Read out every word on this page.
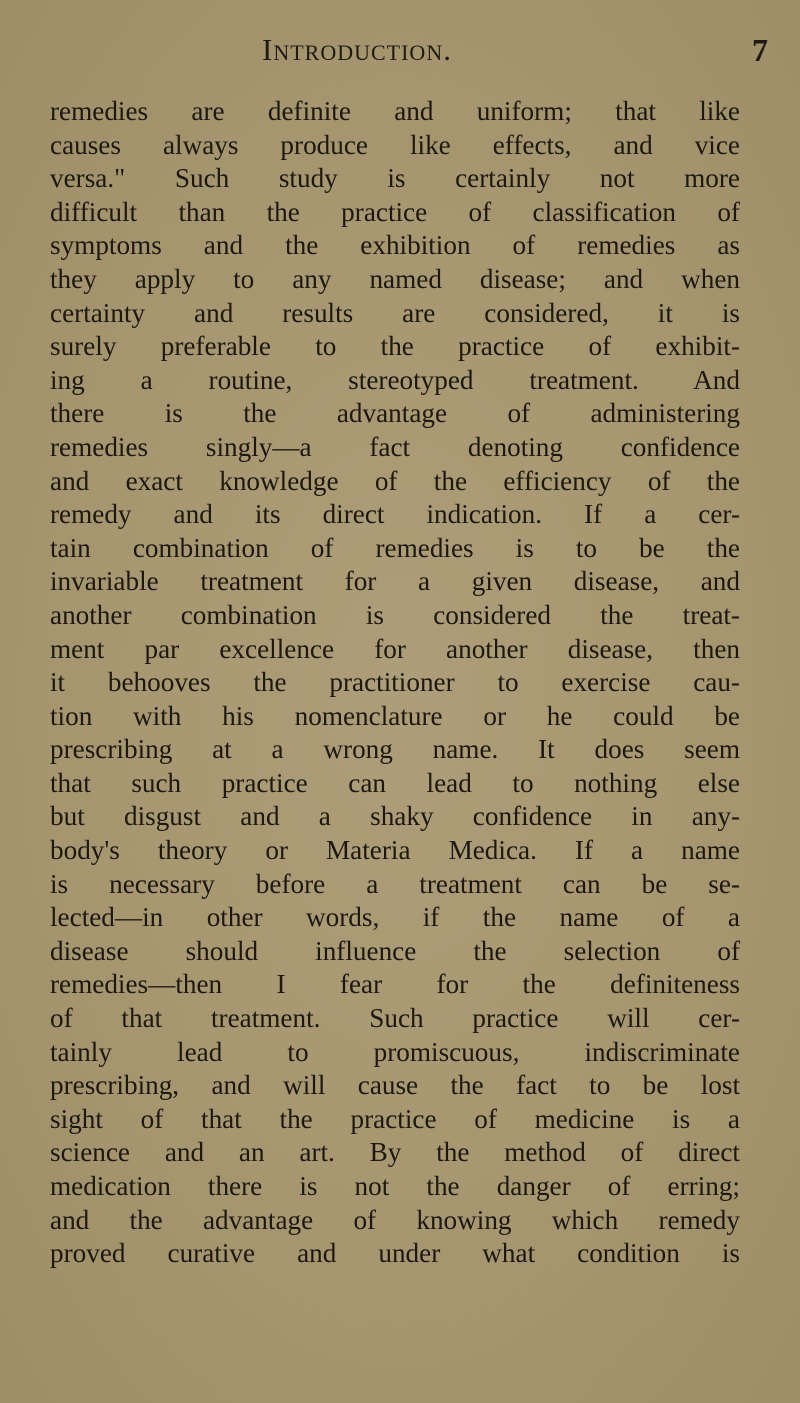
Introduction.	7
remedies are definite and uniform; that like
causes always produce like effects, and vice
versa." Such study is certainly not more
difficult than the practice of classification of
symptoms and the exhibition of remedies as
they apply to any named disease; and when
certainty and results are considered, it is
surely preferable to the practice of exhibit-
ing a routine, stereotyped treatment. And
there is the advantage of administering
remedies singly—a fact denoting confidence
and exact knowledge of the efficiency of the
remedy and its direct indication. If a cer-
tain combination of remedies is to be the
invariable treatment for a given disease, and
another combination is considered the treat-
ment par excellence for another disease, then
it behooves the practitioner to exercise cau-
tion with his nomenclature or he could be
prescribing at a wrong name. It does seem
that such practice can lead to nothing else
but disgust and a shaky confidence in any-
body's theory or Materia Medica. If a name
is necessary before a treatment can be se-
lected—in other words, if the name of a
disease should influence the selection of
remedies—then I fear for the definiteness
of that treatment. Such practice will cer-
tainly lead to promiscuous, indiscriminate
prescribing, and will cause the fact to be lost
sight of that the practice of medicine is a
science and an art. By the method of direct
medication there is not the danger of erring;
and the advantage of knowing which remedy
proved curative and under what condition is
